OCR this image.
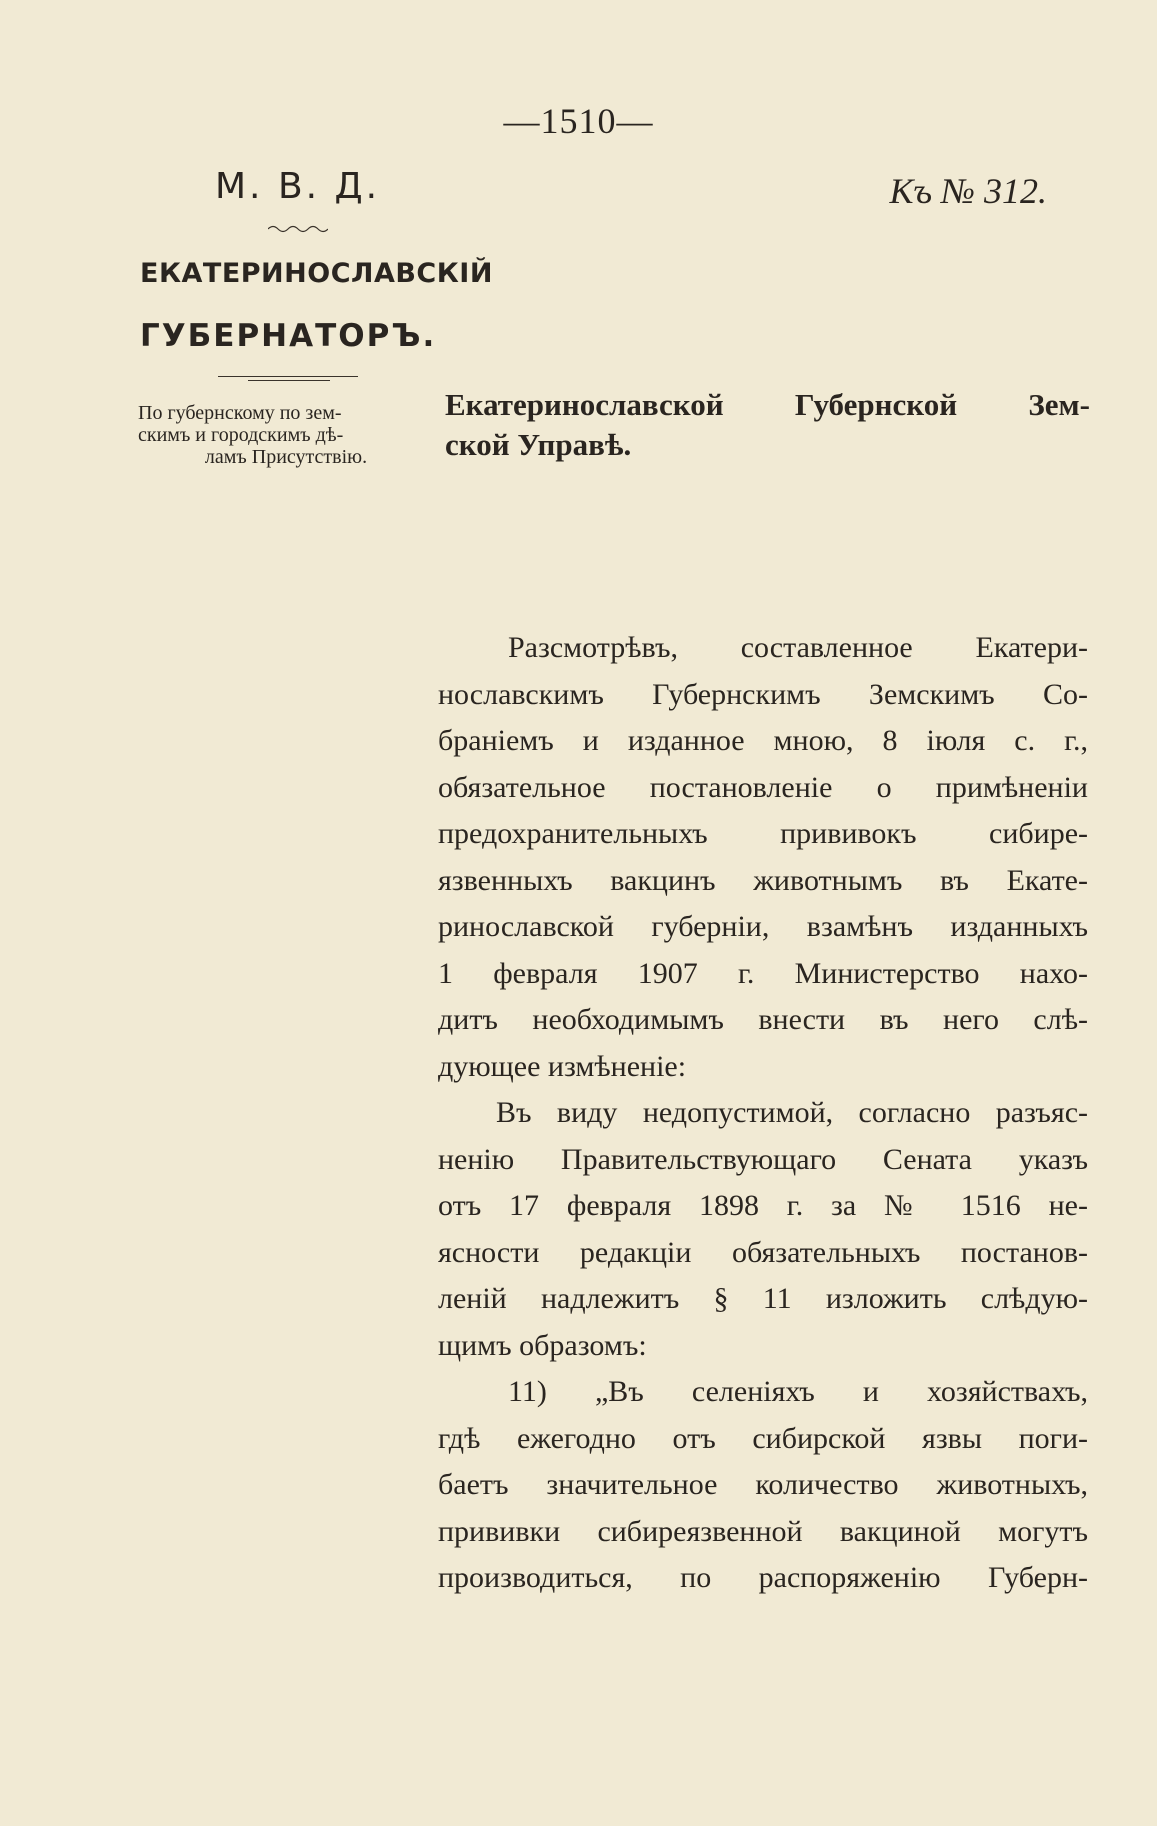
—1510—
М. В. Д.	Къ № 312.
ЕКАТЕРИНОСЛАВСКІЙ
ГУБЕРНАТОРЪ.
По губернскому по зем-
скимъ и городскимъ дѣ-
ламъ Присутствію.
Екатеринославской Губернской Зем-
ской Управѣ.
Разсмотрѣвъ, составленное Екатери-
нославскимъ Губернскимъ Земскимъ Со-
браніемъ и изданное мною, 8 іюля с. г.,
обязательное постановленіе о примѣненіи
предохранительныхъ прививокъ сибире-
язвенныхъ вакцинъ животнымъ въ Екате-
ринославской губерніи, взамѣнъ изданныхъ
1 февраля 1907 г. Министерство нахо-
дитъ необходимымъ внести въ него слѣ-
дующее измѣненіе:
Въ виду недопустимой, согласно разъяс-
ненію Правительствующаго Сената указъ
отъ 17 февраля 1898 г. за № 1516 не-
ясности редакціи обязательныхъ постанов-
леній надлежитъ § 11 изложить слѣдую-
щимъ образомъ:
11) „Въ селеніяхъ и хозяйствахъ,
гдѣ ежегодно отъ сибирской язвы поги-
баетъ значительное количество животныхъ,
прививки сибиреязвенной вакциной могутъ
производиться, по распоряженію Губерн-
